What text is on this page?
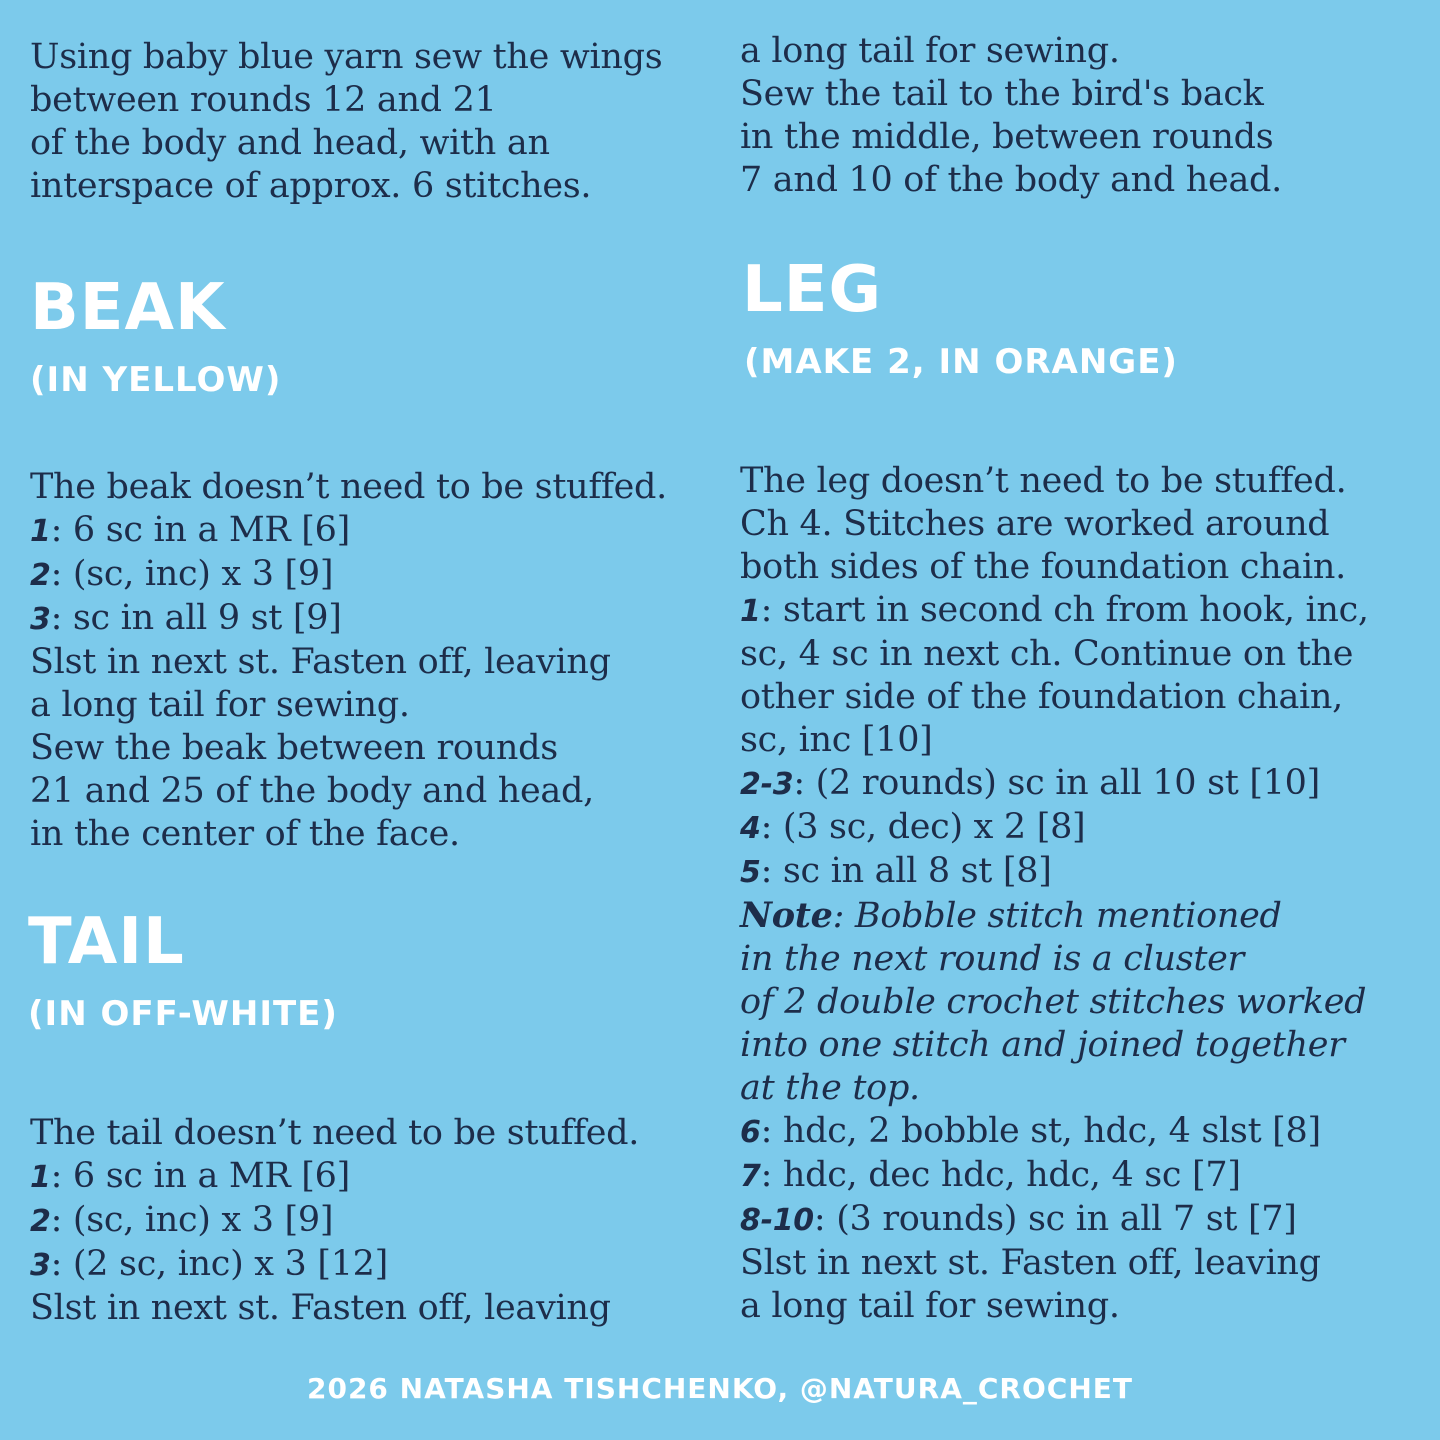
Using baby blue yarn sew the wings
between rounds 12 and 21
of the body and head, with an
interspace of approx. 6 stitches.
BEAK
(IN YELLOW)
The beak doesn’t need to be stuffed.
1: 6 sc in a MR [6]
2: (sc, inc) x 3 [9]
3: sc in all 9 st [9]
Slst in next st. Fasten off, leaving
a long tail for sewing.
Sew the beak between rounds
21 and 25 of the body and head,
in the center of the face.
TAIL
(IN OFF-WHITE)
The tail doesn’t need to be stuffed.
1: 6 sc in a MR [6]
2: (sc, inc) x 3 [9]
3: (2 sc, inc) x 3 [12]
Slst in next st. Fasten off, leaving
a long tail for sewing.
Sew the tail to the bird's back
in the middle, between rounds
7 and 10 of the body and head.
LEG
(MAKE 2, IN ORANGE)
The leg doesn’t need to be stuffed.
Ch 4. Stitches are worked around
both sides of the foundation chain.
1: start in second ch from hook, inc,
sc, 4 sc in next ch. Continue on the
other side of the foundation chain,
sc, inc [10]
2-3: (2 rounds) sc in all 10 st [10]
4: (3 sc, dec) x 2 [8]
5: sc in all 8 st [8]
Note: Bobble stitch mentioned
in the next round is a cluster
of 2 double crochet stitches worked
into one stitch and joined together
at the top.
6: hdc, 2 bobble st, hdc, 4 slst [8]
7: hdc, dec hdc, hdc, 4 sc [7]
8-10: (3 rounds) sc in all 7 st [7]
Slst in next st. Fasten off, leaving
a long tail for sewing.
2026 NATASHA TISHCHENKO, @NATURA_CROCHET
